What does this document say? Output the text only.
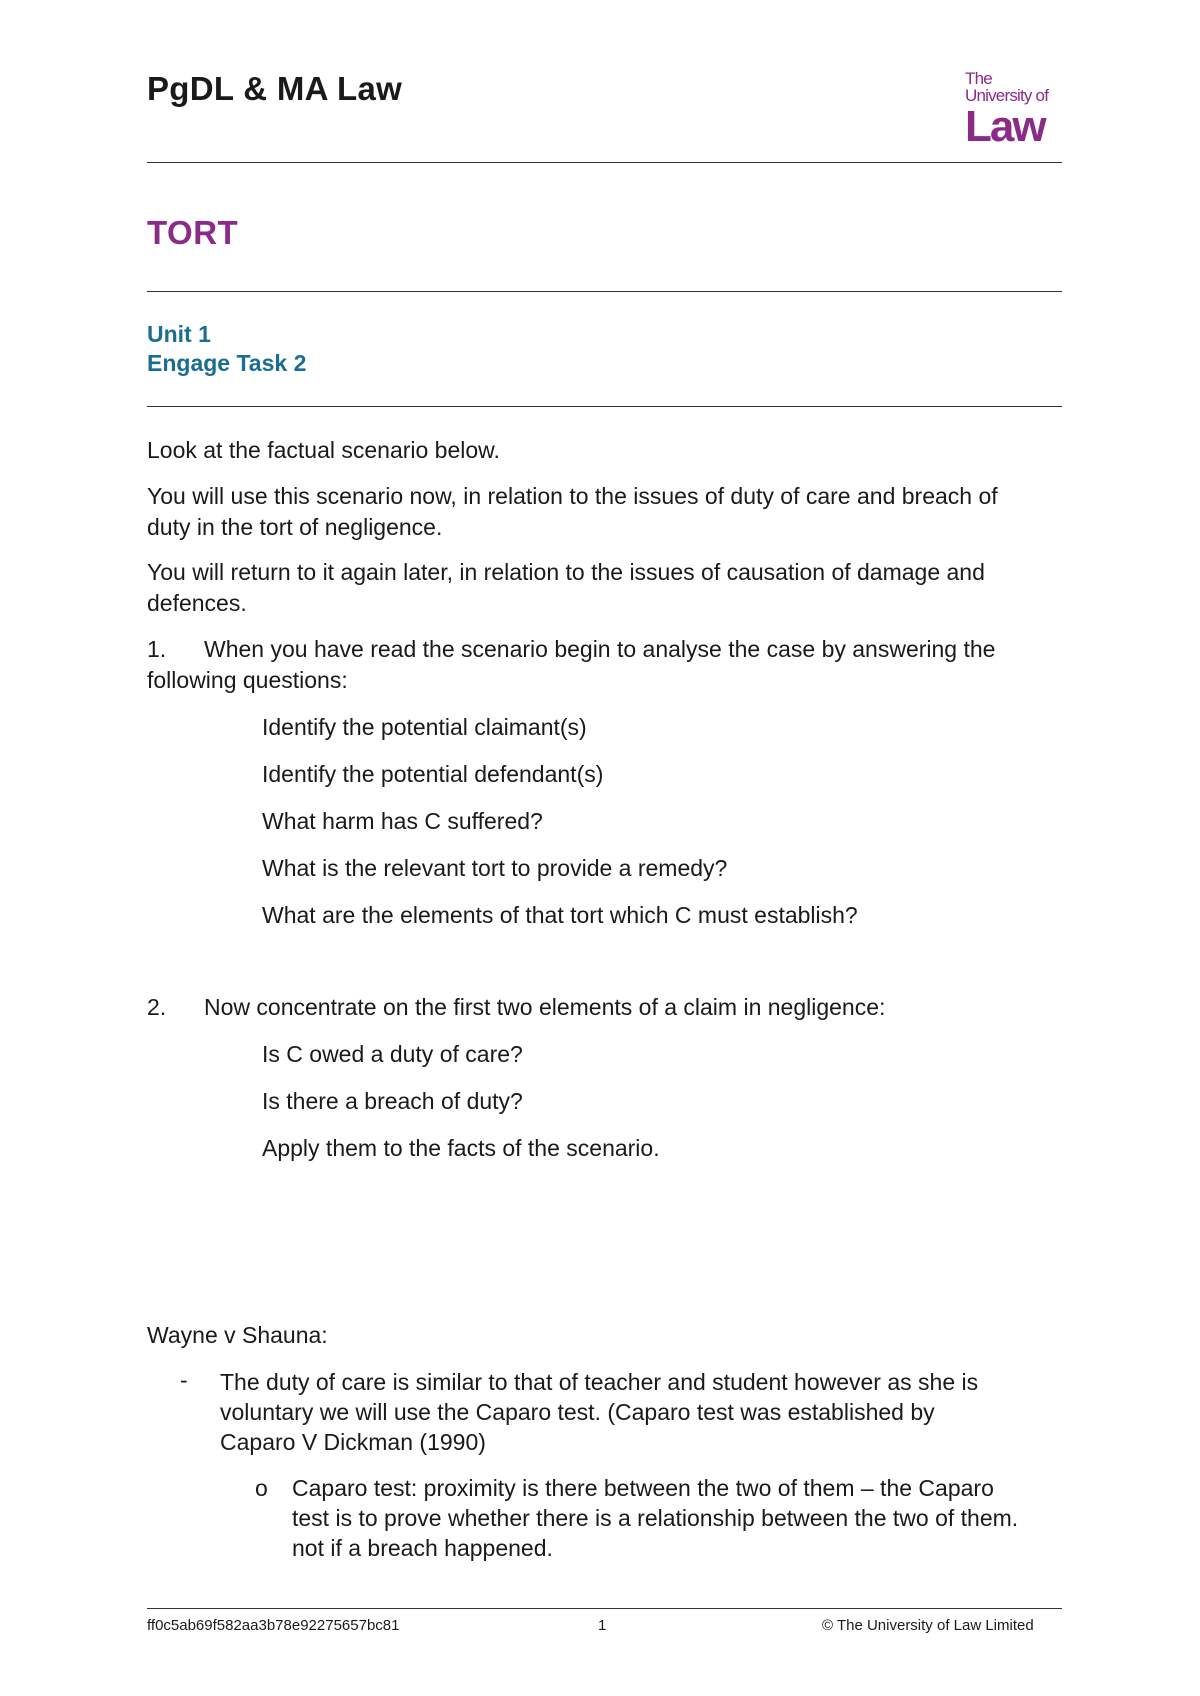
PgDL & MA Law	The
University of
Law
TORT
Unit 1
Engage Task 2
Look at the factual scenario below.
You will use this scenario now, in relation to the issues of duty of care and breach of
duty in the tort of negligence.
You will return to it again later, in relation to the issues of causation of damage and
defences.
1. When you have read the scenario begin to analyse the case by answering the
following questions:
Identify the potential claimant(s)
Identify the potential defendant(s)
What harm has C suffered?
What is the relevant tort to provide a remedy?
What are the elements of that tort which C must establish?
2. Now concentrate on the first two elements of a claim in negligence:
Is C owed a duty of care?
Is there a breach of duty?
Apply them to the facts of the scenario.
Wayne v Shauna:
- The duty of care is similar to that of teacher and student however as she is
voluntary we will use the Caparo test. (Caparo test was established by
Caparo V Dickman (1990)
o Caparo test: proximity is there between the two of them – the Caparo
test is to prove whether there is a relationship between the two of them.
not if a breach happened.
ff0c5ab69f582aa3b78e92275657bc81	1	© The University of Law Limited
